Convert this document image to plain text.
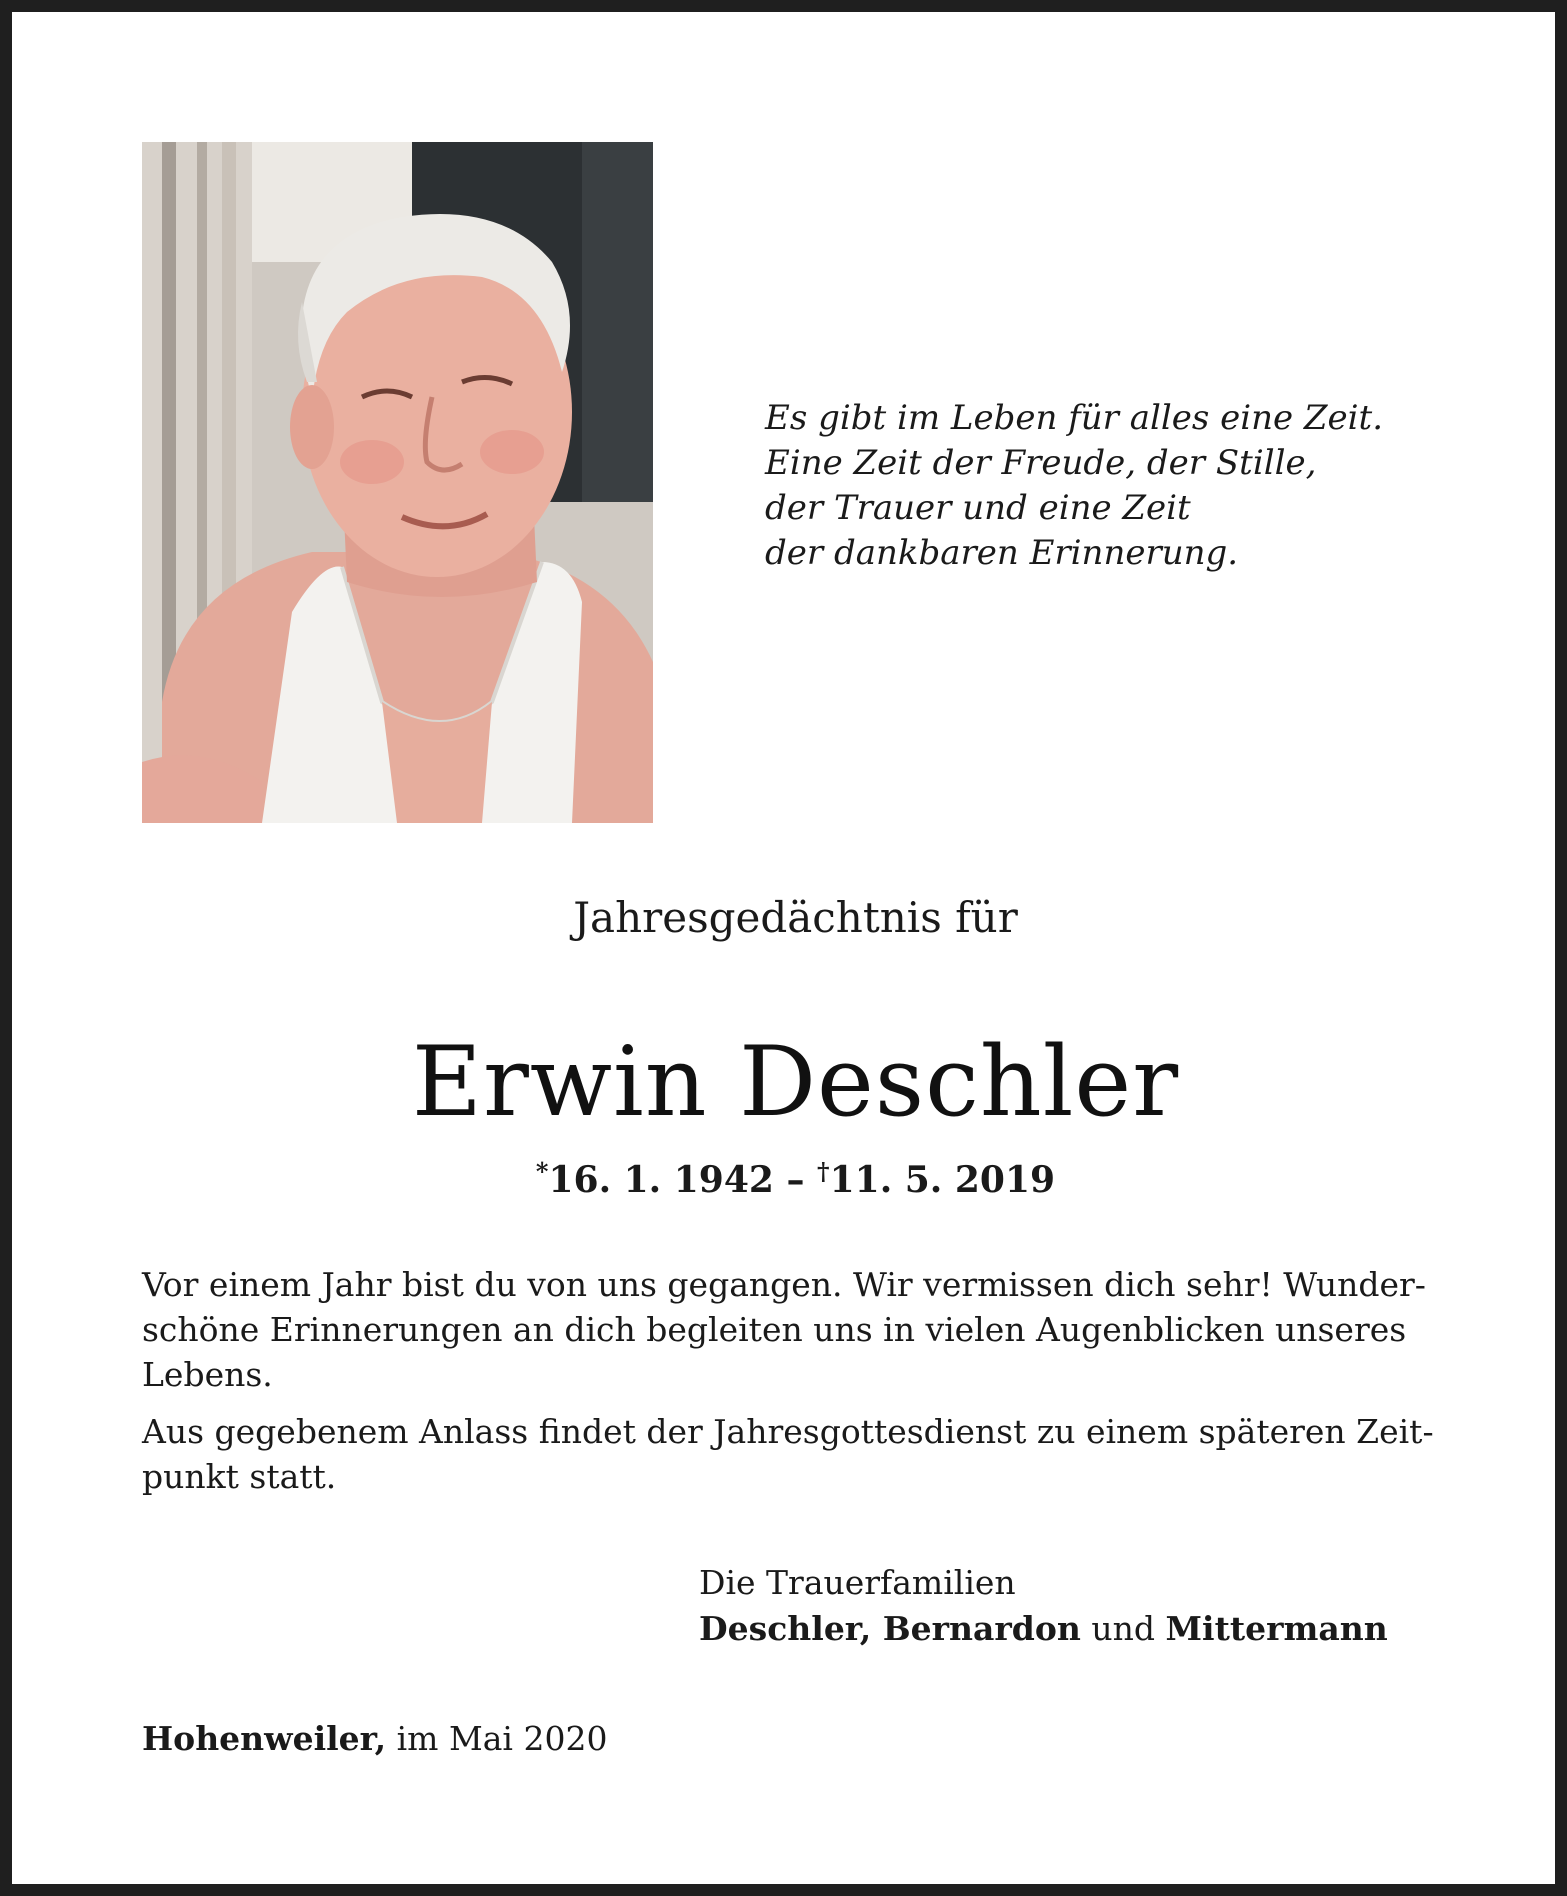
Es gibt im Leben für alles eine Zeit.
Eine Zeit der Freude, der Stille,
der Trauer und eine Zeit
der dankbaren Erinnerung.
Jahresgedächtnis für
Erwin Deschler
*16. 1. 1942 – †11. 5. 2019

Vor einem Jahr bist du von uns gegangen. Wir vermissen dich sehr! Wunder-
schöne Erinnerungen an dich begleiten uns in vielen Augenblicken unseres
Lebens.

Aus gegebenem Anlass findet der Jahresgottesdienst zu einem späteren Zeit-
punkt statt.

Die Trauerfamilien
Deschler, Bernardon und Mittermann
Hohenweiler, im Mai 2020
